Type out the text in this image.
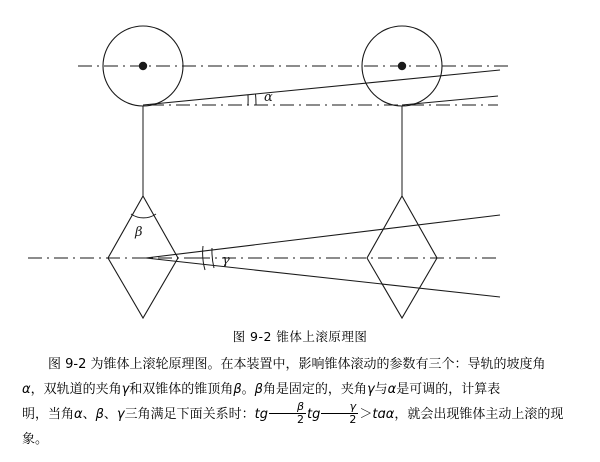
α
β
γ
图 9-2 锥体上滚原理图

图 9-2 为锥体上滚轮原理图。在本装置中，影响锥体滚动的参数有三个：导轨的坡度角
α，双轨道的夹角γ和双锥体的锥顶角β。β角是固定的，夹角γ与α是可调的，计算表
明，当角α、β、γ三角满足下面关系时：tg $\frac{\beta}{2}$ tg $\frac{\gamma}{2}$ ＞tɑα，就会出现锥体主动上滚的现
象。
